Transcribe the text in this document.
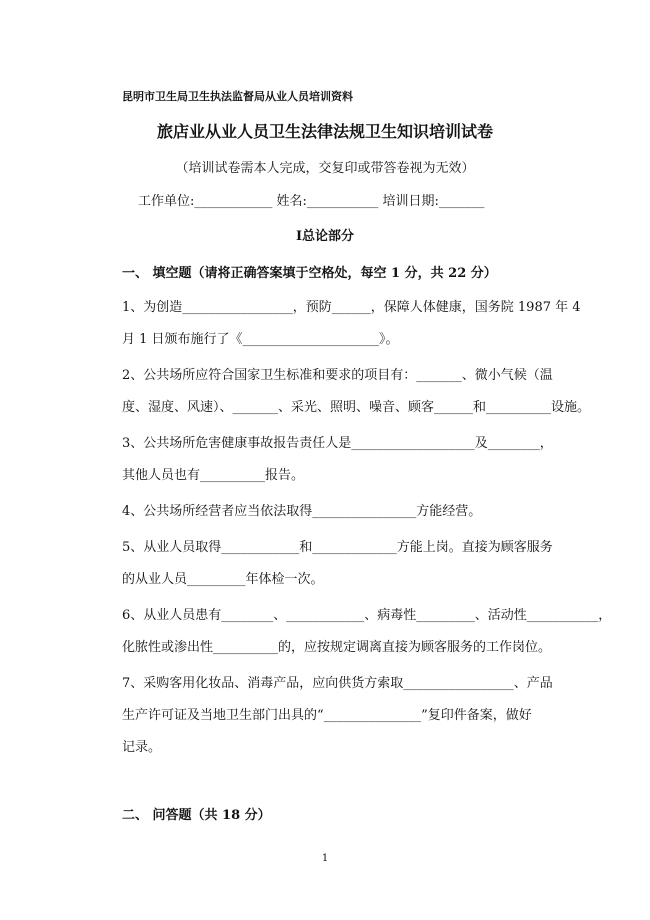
昆明市卫生局卫生执法监督局从业人员培训资料
旅店业从业人员卫生法律法规卫生知识培训试卷
（培训试卷需本人完成，交复印或带答卷视为无效）
工作单位:____________ 姓名:___________ 培训日期:_______
Ⅰ总论部分
一、 填空题（请将正确答案填于空格处，每空 1 分，共 22 分）
1、为创造_________________，预防______，保障人体健康，国务院 1987 年 4
月 1 日颁布施行了《_____________________》。
2、公共场所应符合国家卫生标准和要求的项目有：_______、微小气候（温
度、湿度、风速）、_______、采光、照明、噪音、顾客______和__________设施。
3、公共场所危害健康事故报告责任人是___________________及________，
其他人员也有__________报告。
4、公共场所经营者应当依法取得________________方能经营。
5、从业人员取得____________和_____________方能上岗。直接为顾客服务
的从业人员_________年体检一次。
6、从业人员患有________、____________、病毒性_________、活动性___________，
化脓性或渗出性__________的，应按规定调离直接为顾客服务的工作岗位。
7、采购客用化妆品、消毒产品，应向供货方索取_________________、产品
生产许可证及当地卫生部门出具的“_______________”复印件备案，做好
记录。
二、 问答题（共 18 分）
1
